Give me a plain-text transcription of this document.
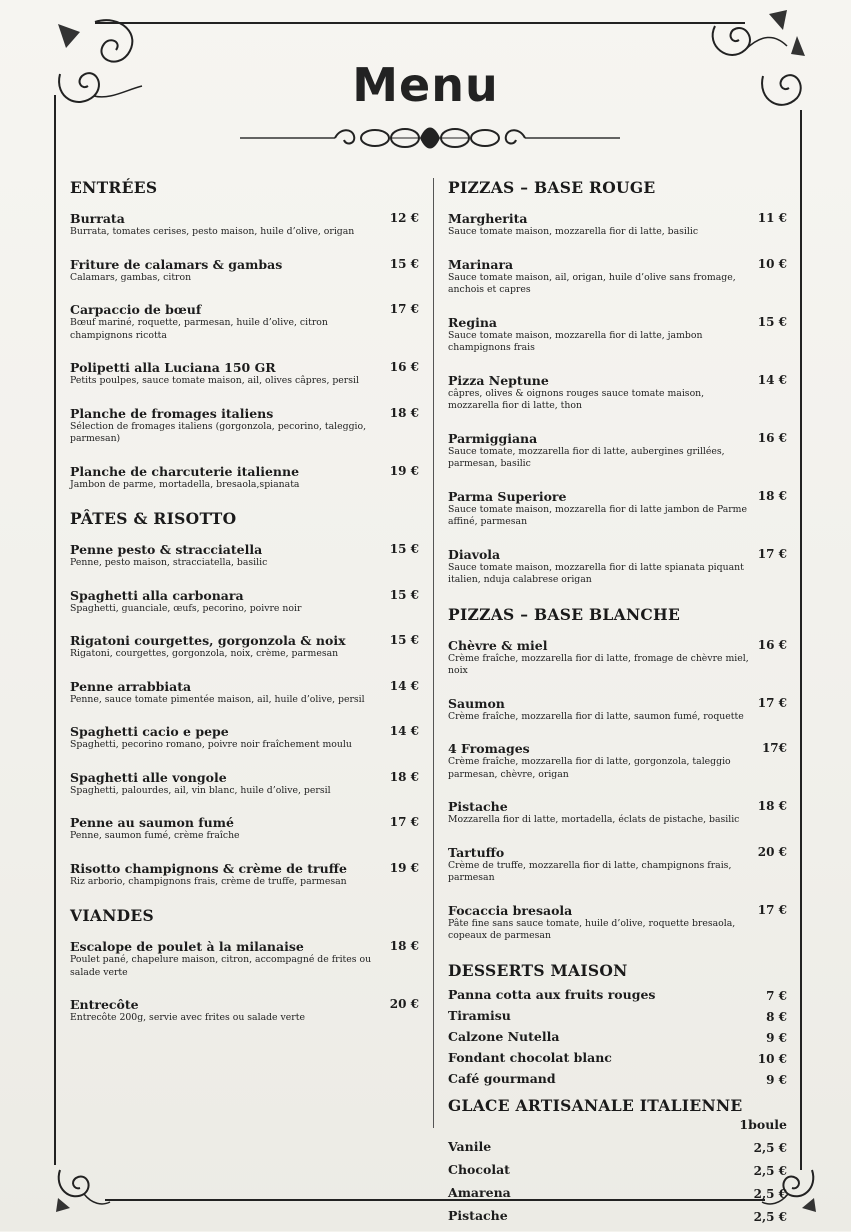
Menu
ENTRÉES
Burrata
Burrata, tomates cerises, pesto maison, huile d’olive, origan
12 €
Friture de calamars & gambas
Calamars, gambas, citron
15 €
Carpaccio de bœuf
Bœuf mariné, roquette, parmesan, huile d’olive, citron champignons ricotta
17 €
Polipetti alla Luciana 150 GR
Petits poulpes, sauce tomate maison, ail, olives câpres, persil
16 €
Planche de fromages italiens
Sélection de fromages italiens (gorgonzola, pecorino, taleggio, parmesan)
18 €
Planche de charcuterie italienne
Jambon de parme, mortadella, bresaola,spianata
19 €
PÂTES & RISOTTO
Penne pesto & stracciatella
Penne, pesto maison, stracciatella, basilic
15 €
Spaghetti alla carbonara
Spaghetti, guanciale, œufs, pecorino, poivre noir
15 €
Rigatoni courgettes, gorgonzola & noix
Rigatoni, courgettes, gorgonzola, noix, crème, parmesan
15 €
Penne arrabbiata
Penne, sauce tomate pimentée maison, ail, huile d’olive, persil
14 €
Spaghetti cacio e pepe
Spaghetti, pecorino romano, poivre noir fraîchement moulu
14 €
Spaghetti alle vongole
Spaghetti, palourdes, ail, vin blanc, huile d’olive, persil
18 €
Penne au saumon fumé
Penne, saumon fumé, crème fraîche
17 €
Risotto champignons & crème de truffe
Riz arborio, champignons frais, crème de truffe, parmesan
19 €
VIANDES
Escalope de poulet à la milanaise
Poulet pané, chapelure maison, citron, accompagné de frites ou salade verte
18 €
Entrecôte
Entrecôte 200g, servie avec frites ou salade verte
20 €
PIZZAS – BASE ROUGE
Margherita
Sauce tomate maison, mozzarella fior di latte, basilic
11 €
Marinara
Sauce tomate maison, ail, origan, huile d’olive sans fromage, anchois et capres
10 €
Regina
Sauce tomate maison, mozzarella fior di latte, jambon champignons frais
15 €
Pizza Neptune
câpres, olives & oignons rouges sauce tomate maison, mozzarella fior di latte, thon
14 €
Parmiggiana
Sauce tomate, mozzarella fior di latte, aubergines grillées, parmesan, basilic
16 €
Parma Superiore
Sauce tomate maison, mozzarella fior di latte jambon de Parme affiné, parmesan
18 €
Diavola
Sauce tomate maison, mozzarella fior di latte spianata piquant italien, nduja calabrese origan
17 €
PIZZAS – BASE BLANCHE
Chèvre & miel
Crème fraîche, mozzarella fior di latte, fromage de chèvre miel, noix
16 €
Saumon
Crème fraîche, mozzarella fior di latte, saumon fumé, roquette
17 €
4 Fromages
Crème fraîche, mozzarella fior di latte, gorgonzola, taleggio parmesan, chèvre, origan
17€
Pistache
Mozzarella fior di latte, mortadella, éclats de pistache, basilic
18 €
Tartuffo
Crème de truffe, mozzarella fior di latte, champignons frais, parmesan
20 €
Focaccia bresaola
Pâte fine sans sauce tomate, huile d’olive, roquette bresaola, copeaux de parmesan
17 €
DESSERTS MAISON
Panna cotta aux fruits rouges	7 €
Tiramisu	8 €
Calzone Nutella	9 €
Fondant chocolat blanc	10 €
Café gourmand	9 €
GLACE ARTISANALE ITALIENNE
1boule
Vanile	2,5 €
Chocolat	2,5 €
Amarena	2,5 €
Pistache	2,5 €
